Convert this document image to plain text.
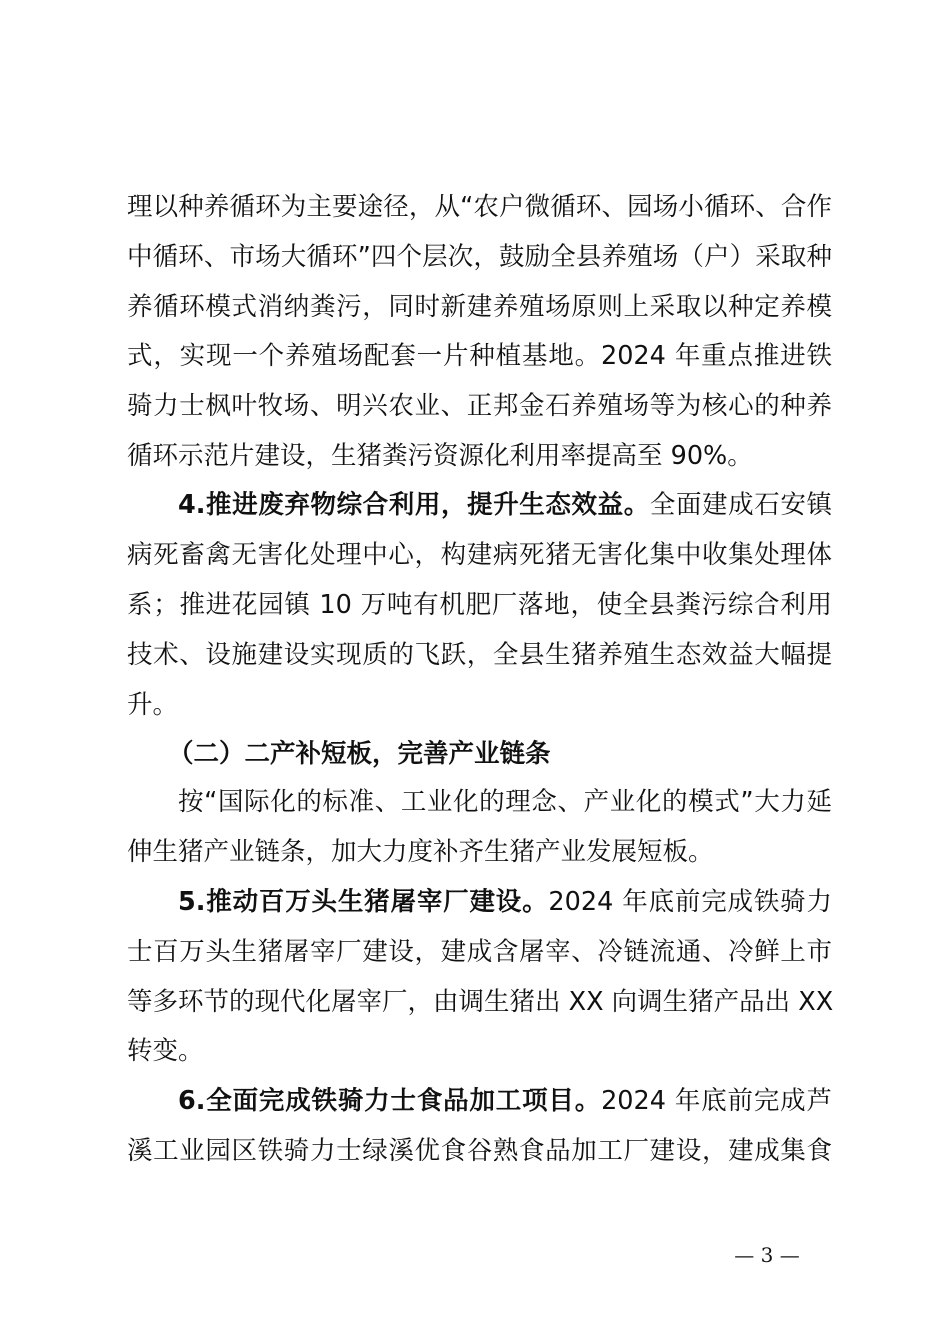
理以种养循环为主要途径，从“农户微循环、园场小循环、合作
中循环、市场大循环”四个层次，鼓励全县养殖场（户）采取种
养循环模式消纳粪污，同时新建养殖场原则上采取以种定养模
式，实现一个养殖场配套一片种植基地。2024 年重点推进铁
骑力士枫叶牧场、明兴农业、正邦金石养殖场等为核心的种养
循环示范片建设，生猪粪污资源化利用率提高至 90%。
4.推进废弃物综合利用，提升生态效益。全面建成石安镇
病死畜禽无害化处理中心，构建病死猪无害化集中收集处理体
系；推进花园镇 10 万吨有机肥厂落地，使全县粪污综合利用
技术、设施建设实现质的飞跃，全县生猪养殖生态效益大幅提
升。
（二）二产补短板，完善产业链条
按“国际化的标准、工业化的理念、产业化的模式”大力延
伸生猪产业链条，加大力度补齐生猪产业发展短板。
5.推动百万头生猪屠宰厂建设。2024 年底前完成铁骑力
士百万头生猪屠宰厂建设，建成含屠宰、冷链流通、冷鲜上市
等多环节的现代化屠宰厂，由调生猪出 XX 向调生猪产品出 XX
转变。
6.全面完成铁骑力士食品加工项目。2024 年底前完成芦
溪工业园区铁骑力士绿溪优食谷熟食品加工厂建设，建成集食
— 3 —
